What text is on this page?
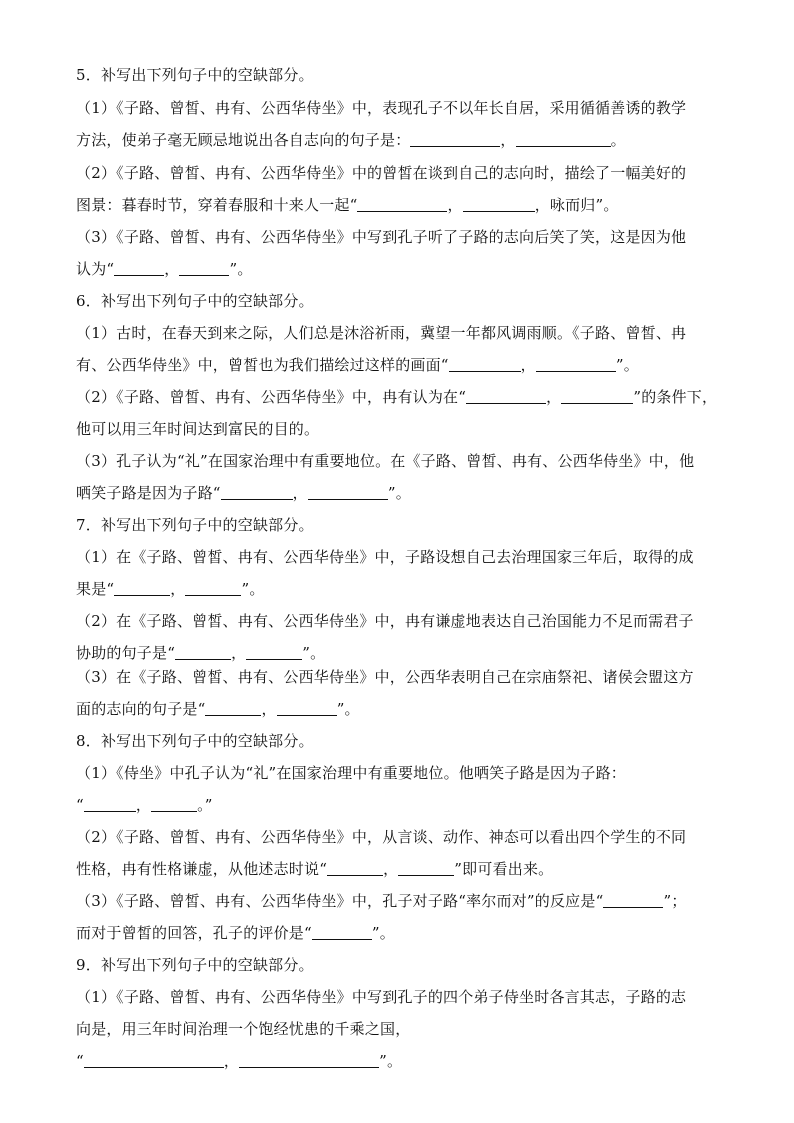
5．补写出下列句子中的空缺部分。
（1）《子路、曾皙、冉有、公西华侍坐》中，表现孔子不以年长自居，采用循循善诱的教学
方法，使弟子毫无顾忌地说出各自志向的句子是：	，	。
（2）《子路、曾皙、冉有、公西华侍坐》中的曾皙在谈到自己的志向时，描绘了一幅美好的
图景：暮春时节，穿着春服和十来人一起“	，	，咏而归”。
（3）《子路、曾皙、冉有、公西华侍坐》中写到孔子听了子路的志向后笑了笑，这是因为他
认为“	，	”。
6．补写出下列句子中的空缺部分。
（1）古时，在春天到来之际，人们总是沐浴祈雨，冀望一年都风调雨顺。《子路、曾皙、冉
有、公西华侍坐》中，曾皙也为我们描绘过这样的画面“	，	”。
（2）《子路、曾皙、冉有、公西华侍坐》中，冉有认为在“	，	”的条件下，
他可以用三年时间达到富民的目的。
（3）孔子认为“礼”在国家治理中有重要地位。在《子路、曾皙、冉有、公西华侍坐》中，他
哂笑子路是因为子路“	，	”。
7．补写出下列句子中的空缺部分。
（1）在《子路、曾皙、冉有、公西华侍坐》中，子路设想自己去治理国家三年后，取得的成
果是“	，	”。
（2）在《子路、曾皙、冉有、公西华侍坐》中，冉有谦虚地表达自己治国能力不足而需君子
协助的句子是“	，	”。
（3）在《子路、曾皙、冉有、公西华侍坐》中，公西华表明自己在宗庙祭祀、诸侯会盟这方
面的志向的句子是“	，	”。
8．补写出下列句子中的空缺部分。
（1）《侍坐》中孔子认为“礼”在国家治理中有重要地位。他哂笑子路是因为子路：
“	，	。”
（2）《子路、曾皙、冉有、公西华侍坐》中，从言谈、动作、神态可以看出四个学生的不同
性格，冉有性格谦虚，从他述志时说“	，	”即可看出来。
（3）《子路、曾皙、冉有、公西华侍坐》中，孔子对子路“率尔而对”的反应是“	”；
而对于曾皙的回答，孔子的评价是“	”。
9．补写出下列句子中的空缺部分。
（1）《子路、曾皙、冉有、公西华侍坐》中写到孔子的四个弟子侍坐时各言其志，子路的志
向是，用三年时间治理一个饱经忧患的千乘之国，
“	，	”。
